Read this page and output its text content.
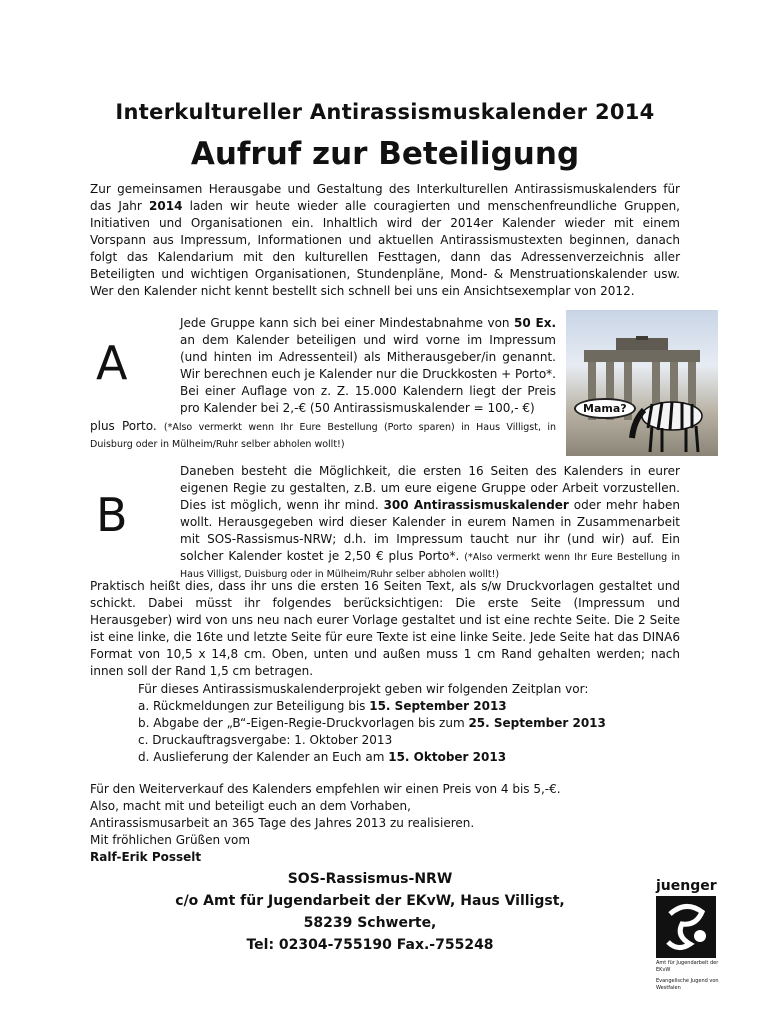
Interkultureller Antirassismuskalender 2014
Aufruf zur Beteiligung

Zur gemeinsamen Herausgabe und Gestaltung des Interkulturellen Antirassismuskalenders für das Jahr 2014 laden wir heute wieder alle couragierten und menschenfreundliche Gruppen, Initiativen und Organisationen ein. Inhaltlich wird der 2014er Kalender wieder mit einem Vorspann aus Impressum, Informationen und aktuellen Antirassismustexten beginnen, danach folgt das Kalendarium mit den kulturellen Festtagen, dann das Adressenverzeichnis aller Beteiligten und wichtigen Organisationen, Stundenpläne, Mond- & Menstruationskalender usw. Wer den Kalender nicht kennt bestellt sich schnell bei uns ein Ansichtsexemplar von 2012.

A

Jede Gruppe kann sich bei einer Mindestabnahme von 50 Ex. an dem Kalender beteiligen und wird vorne im Impressum (und hinten im Adressenteil) als Mitherausgeber/in genannt. Wir berechnen euch je Kalender nur die Druckkosten + Porto*. Bei einer Auflage von z. Z. 15.000 Kalendern liegt der Preis pro Kalender bei 2,-€ (50 Antirassismuskalender = 100,- €)

plus Porto. (*Also vermerkt wenn Ihr Eure Bestellung (Porto sparen) in Haus Villigst, in Duisburg oder in Mülheim/Ruhr selber abholen wollt!)

Mama?
B

Daneben besteht die Möglichkeit, die ersten 16 Seiten des Kalenders in eurer eigenen Regie zu gestalten, z.B. um eure eigene Gruppe oder Arbeit vorzustellen. Dies ist möglich, wenn ihr mind. 300 Antirassismuskalender oder mehr haben wollt. Herausgegeben wird dieser Kalender in eurem Namen in Zusammenarbeit mit SOS-Rassismus-NRW; d.h. im Impressum taucht nur ihr (und wir) auf. Ein solcher Kalender kostet je 2,50 € plus Porto*. (*Also vermerkt wenn Ihr Eure Bestellung in Haus Villigst, Duisburg oder in Mülheim/Ruhr selber abholen wollt!)

Praktisch heißt dies, dass ihr uns die ersten 16 Seiten Text, als s/w Druckvorlagen gestaltet und schickt. Dabei müsst ihr folgendes berücksichtigen: Die erste Seite (Impressum und Herausgeber) wird von uns neu nach eurer Vorlage gestaltet und ist eine rechte Seite. Die 2 Seite ist eine linke, die 16te und letzte Seite für eure Texte ist eine linke Seite. Jede Seite hat das DINA6 Format von 10,5 x 14,8 cm. Oben, unten und außen muss 1 cm Rand gehalten werden; nach innen soll der Rand 1,5 cm betragen.
Für dieses Antirassismuskalenderprojekt geben wir folgenden Zeitplan vor:
a. Rückmeldungen zur Beteiligung bis 15. September 2013
b. Abgabe der „B“-Eigen-Regie-Druckvorlagen bis zum 25. September 2013
c. Druckauftragsvergabe: 1. Oktober 2013
d. Auslieferung der Kalender an Euch am 15. Oktober 2013
Für den Weiterverkauf des Kalenders empfehlen wir einen Preis von 4 bis 5,-€.
Also, macht mit und beteiligt euch an dem Vorhaben,
Antirassismusarbeit an 365 Tage des Jahres 2013 zu realisieren.
Mit fröhlichen Grüßen vom
Ralf-Erik Posselt
SOS-Rassismus-NRW
c/o Amt für Jugendarbeit der EKvW, Haus Villigst,
58239 Schwerte,
Tel: 02304-755190 Fax.-755248
juenger
Amt für Jugendarbeit der EKvW
Evangelische Jugend von Westfalen
